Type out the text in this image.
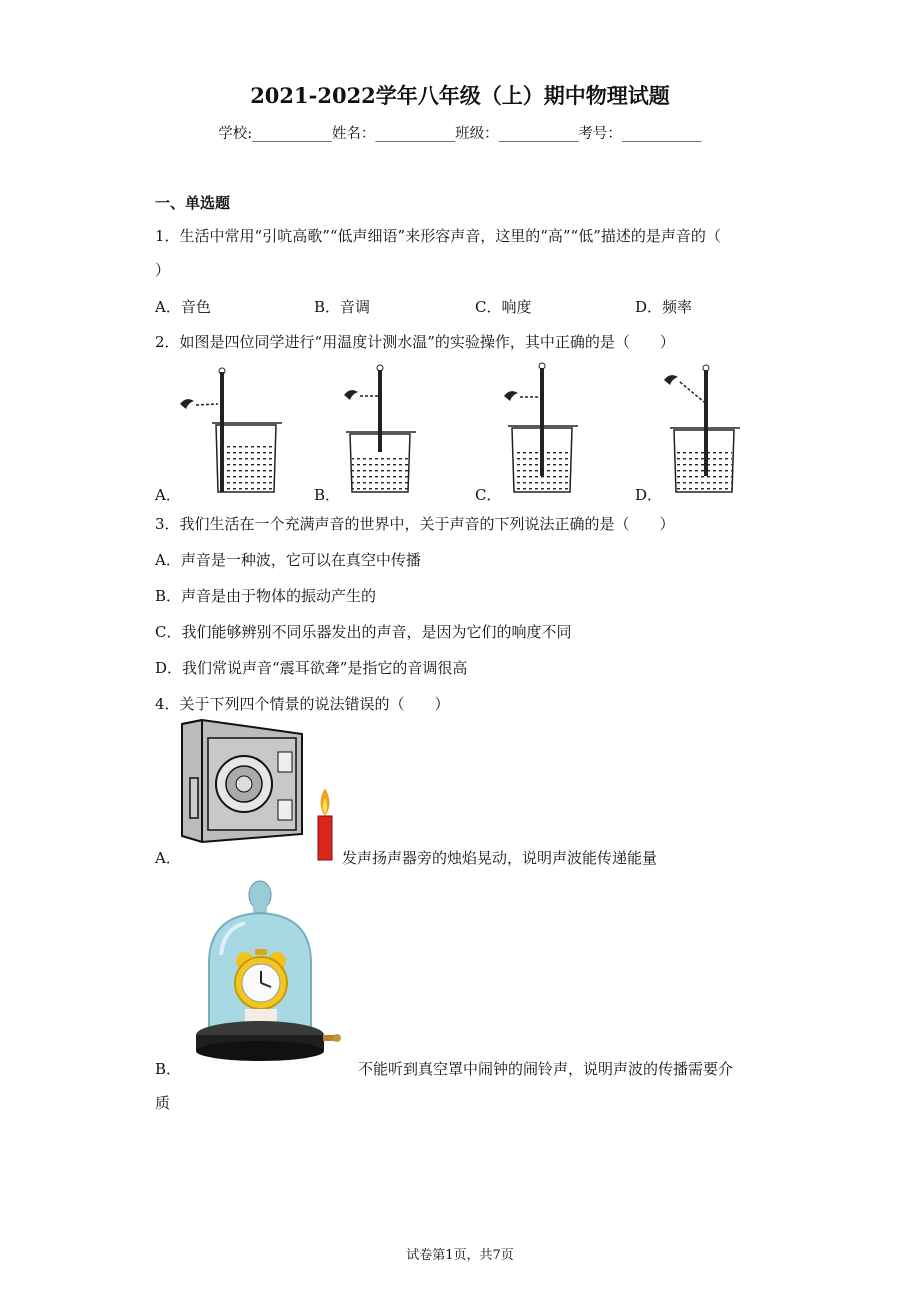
2021-2022学年八年级（上）期中物理试题
学校:___________姓名：___________班级：___________考号：___________
一、单选题
1．生活中常用“引吭高歌”“低声细语”来形容声音，这里的“高”“低”描述的是声音的（
）
A．音色	B．音调	C．响度	D．频率
2．如图是四位同学进行“用温度计测水温”的实验操作，其中正确的是（　　）
A．	B．	C．	D．
3．我们生活在一个充满声音的世界中，关于声音的下列说法正确的是（　　）
A．声音是一种波，它可以在真空中传播
B．声音是由于物体的振动产生的
C．我们能够辨别不同乐器发出的声音，是因为它们的响度不同
D．我们常说声音“震耳欲聋”是指它的音调很高
4．关于下列四个情景的说法错误的（　　）
A．	发声扬声器旁的烛焰晃动，说明声波能传递能量
B．	不能听到真空罩中闹钟的闹铃声，说明声波的传播需要介
质
试卷第1页，共7页
